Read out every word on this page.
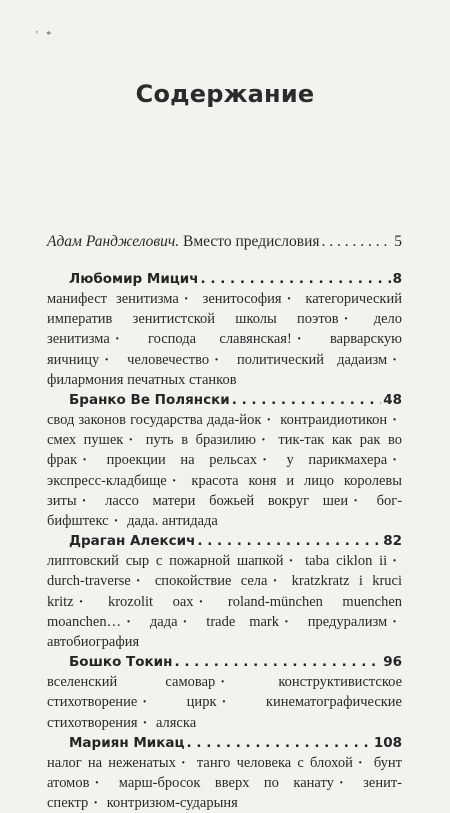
' *
Содержание
Адам Ранджелович.
Вместо предисловия . . .	5
Любомир Мицич . . .	8
манифест зенитизма · зенитософия · категорический императив зенитистской школы поэтов · дело зенитизма · господа славянская! · варварскую яичницу · человечество · политический дадаизм · филармония печатных станков
Бранко Ве Полянски . . .	48
свод законов государства дада-йок · контраидиотикон · смех пушек · путь в бразилию · тик-так как рак во фрак · проекции на рельсах · у парикмахера · экспресс-кладбище · красота коня и лицо королевы зиты · лассо матери божьей вокруг шеи · бог-бифштекс · дада. антидада
Драган Алексич . . .	82
липтовский сыр с пожарной шапкой · taba ciklon ii · durch-traverse · спокойствие села · kratzkratz i kruci kritz · krozolit oax · roland-münchen muenchen moanchen… · дада · trade mark · предурализм · автобиография
Бошко Токин . . .	96
вселенский самовар ·	конструктивистское стихотворение ·	цирк ·	кинематографические стихотворения · аляска
Мариян Микац . . .	108
налог на неженатых · танго человека с блохой · бунт атомов · марш-бросок вверх по канату · зенит-спектр · контризюм-сударыня
